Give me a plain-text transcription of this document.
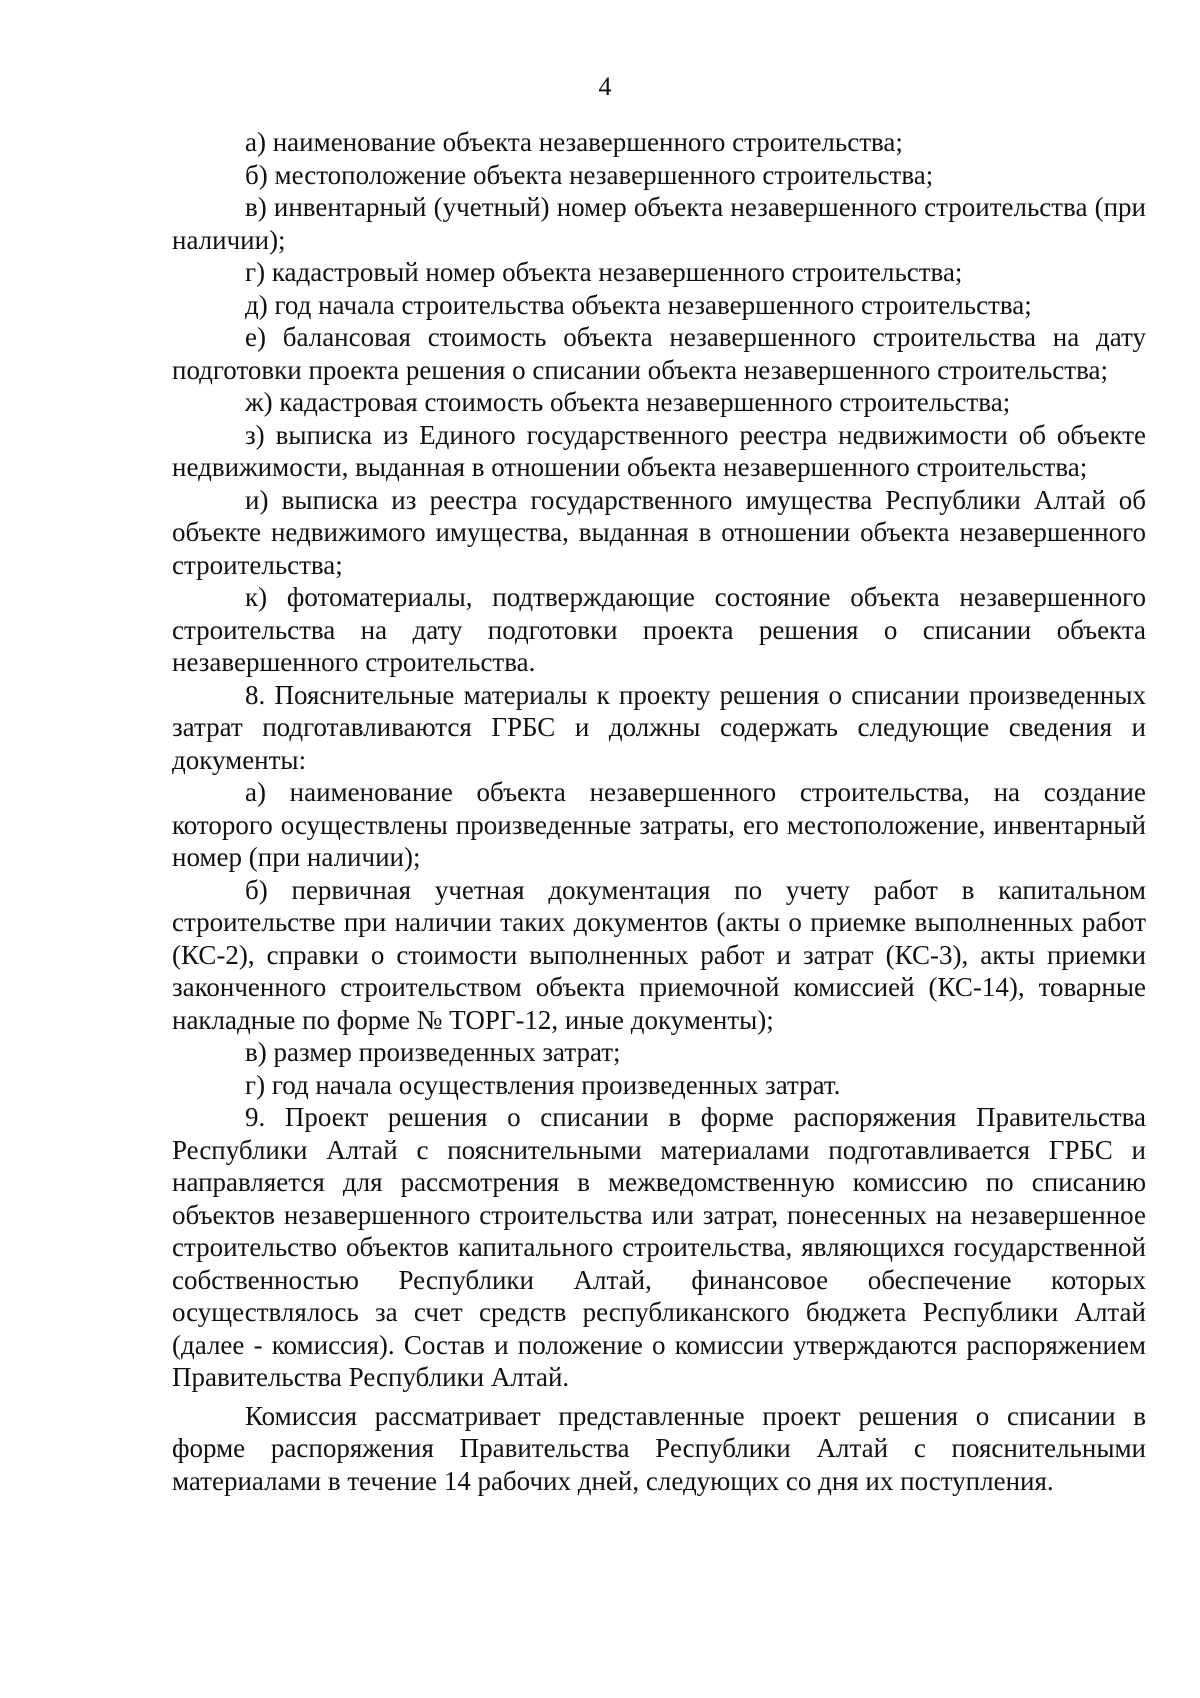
4

а) наименование объекта незавершенного строительства;

б) местоположение объекта незавершенного строительства;

в) инвентарный (учетный) номер объекта незавершенного строительства (при наличии);

г) кадастровый номер объекта незавершенного строительства;

д) год начала строительства объекта незавершенного строительства;

е) балансовая стоимость объекта незавершенного строительства на дату подготовки проекта решения о списании объекта незавершенного строительства;

ж) кадастровая стоимость объекта незавершенного строительства;

з) выписка из Единого государственного реестра недвижимости об объекте недвижимости, выданная в отношении объекта незавершенного строительства;

и) выписка из реестра государственного имущества Республики Алтай об объекте недвижимого имущества, выданная в отношении объекта незавершенного строительства;

к) фотоматериалы, подтверждающие состояние объекта незавершенного строительства на дату подготовки проекта решения о списании объекта незавершенного строительства.

8. Пояснительные материалы к проекту решения о списании произведенных затрат подготавливаются ГРБС и должны содержать следующие сведения и документы:

а) наименование объекта незавершенного строительства, на создание которого осуществлены произведенные затраты, его местоположение, инвентарный номер (при наличии);

б) первичная учетная документация по учету работ в капитальном строительстве при наличии таких документов (акты о приемке выполненных работ (КС-2), справки о стоимости выполненных работ и затрат (КС-3), акты приемки законченного строительством объекта приемочной комиссией (КС-14), товарные накладные по форме № ТОРГ-12, иные документы);

в) размер произведенных затрат;

г) год начала осуществления произведенных затрат.

9. Проект решения о списании в форме распоряжения Правительства Республики Алтай с пояснительными материалами подготавливается ГРБС и направляется для рассмотрения в межведомственную комиссию по списанию объектов незавершенного строительства или затрат, понесенных на незавершенное строительство объектов капитального строительства, являющихся государственной собственностью Республики Алтай, финансовое обеспечение которых осуществлялось за счет средств республиканского бюджета Республики Алтай (далее - комиссия). Состав и положение о комиссии утверждаются распоряжением Правительства Республики Алтай.

Комиссия рассматривает представленные проект решения о списании в форме распоряжения Правительства Республики Алтай с пояснительными материалами в течение 14 рабочих дней, следующих со дня их поступления.
